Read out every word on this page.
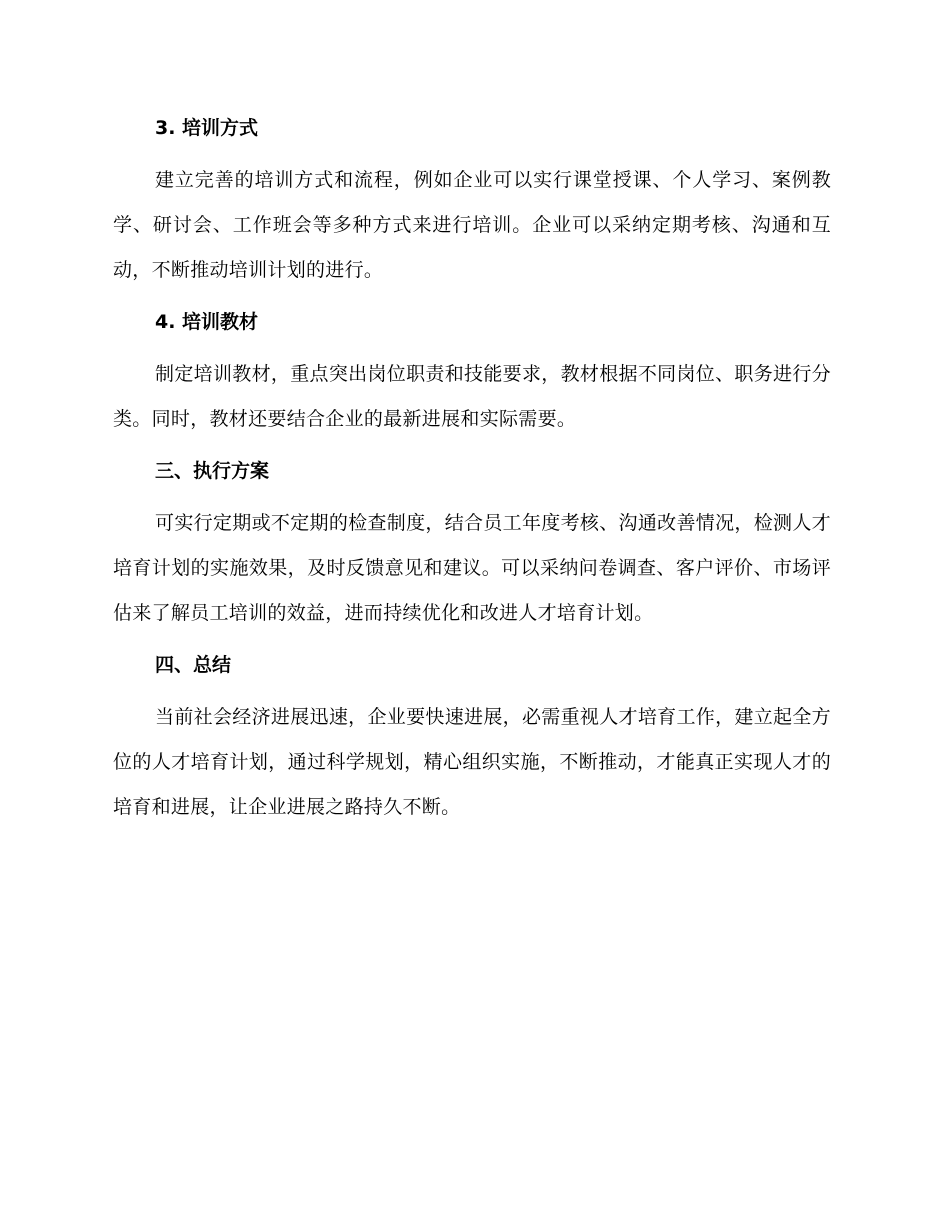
3. 培训方式

建立完善的培训方式和流程，例如企业可以实行课堂授课、个人学习、案例教学、研讨会、工作班会等多种方式来进行培训。企业可以采纳定期考核、沟通和互动，不断推动培训计划的进行。

4. 培训教材

制定培训教材，重点突出岗位职责和技能要求，教材根据不同岗位、职务进行分类。同时，教材还要结合企业的最新进展和实际需要。

三、执行方案

可实行定期或不定期的检查制度，结合员工年度考核、沟通改善情况，检测人才培育计划的实施效果，及时反馈意见和建议。可以采纳问卷调查、客户评价、市场评估来了解员工培训的效益，进而持续优化和改进人才培育计划。

四、总结

当前社会经济进展迅速，企业要快速进展，必需重视人才培育工作，建立起全方位的人才培育计划，通过科学规划，精心组织实施，不断推动，才能真正实现人才的培育和进展，让企业进展之路持久不断。
